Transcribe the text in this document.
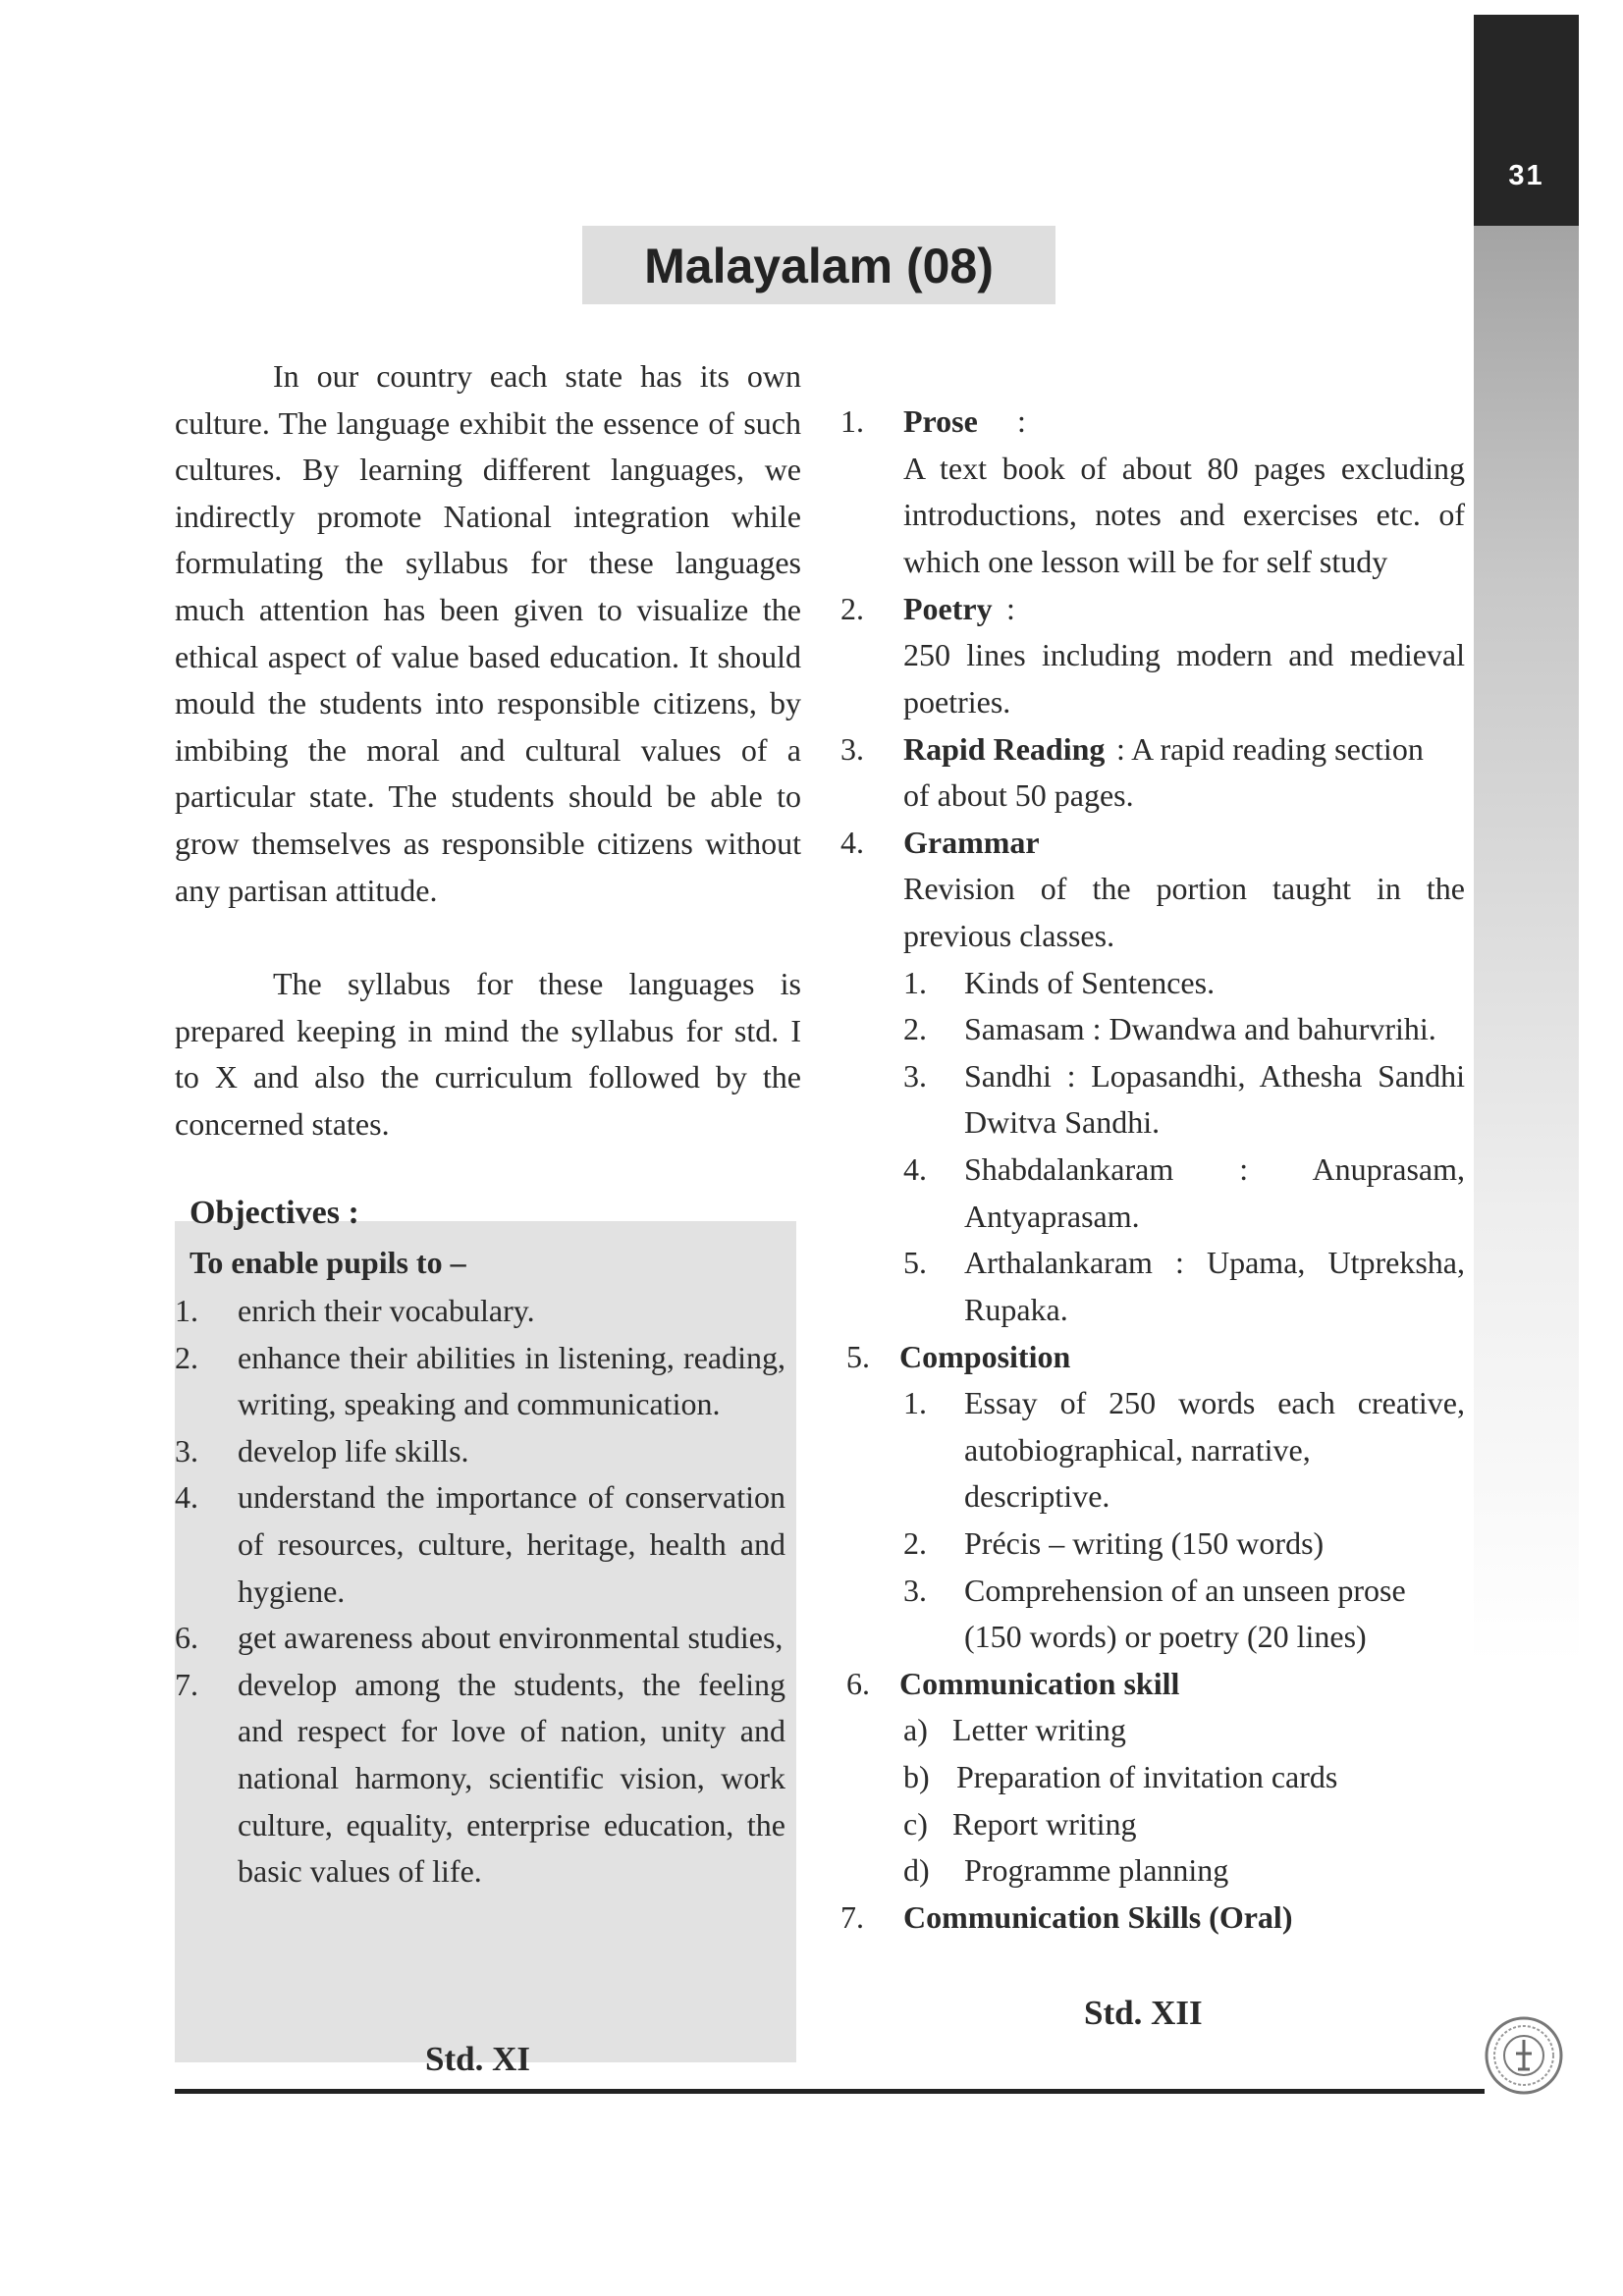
31
Malayalam (08)

In our country each state has its own culture. The language exhibit the essence of such cultures. By learning different languages, we indirectly promote National integration while formulating the syllabus for these languages much attention has been given to visualize the ethical aspect of value based education. It should mould the students into responsible citizens, by imbibing the moral and cultural values of a particular state. The students should be able to grow themselves as responsible citizens without any partisan attitude.

The syllabus for these languages is prepared keeping in mind the syllabus for std. I to X and also the curriculum followed by the concerned states.

Objectives :
To enable pupils to –
1.	enrich their vocabulary.
2.	enhance their abilities in listening, reading, writing, speaking and communication.
3.	develop life skills.
4.	understand the importance of conservation of resources, culture, heritage, health and hygiene.
6.	get awareness about environmental studies,
7.	develop among the students, the feeling and respect for love of nation, unity and national harmony, scientific vision, work culture, equality, enterprise education, the basic values of life.
Std. XI
Std. XII
1. Prose :
A text book of about 80 pages excluding
introductions, notes and exercises etc. of
which one lesson will be for self study
2. Poetry :
250 lines including modern and medieval
poetries.
3. Rapid Reading : A rapid reading section
of about 50 pages.
4. Grammar
Revision of the portion taught in the
previous classes.
1. Kinds of Sentences.
2. Samasam : Dwandwa and bahurvrihi.
3. Sandhi : Lopasandhi, Athesha Sandhi
Dwitva Sandhi.
4. Shabdalankaram : Anuprasam,
Antyaprasam.
5. Arthalankaram : Upama, Utpreksha,
Rupaka.
5. Composition
1. Essay of 250 words each creative,
autobiographical, narrative,
descriptive.
2. Précis – writing (150 words)
3. Comprehension of an unseen prose
(150 words) or poetry (20 lines)
6. Communication skill
a) Letter writing
b) Preparation of invitation cards
c) Report writing
d) Programme planning
7. Communication Skills (Oral)
